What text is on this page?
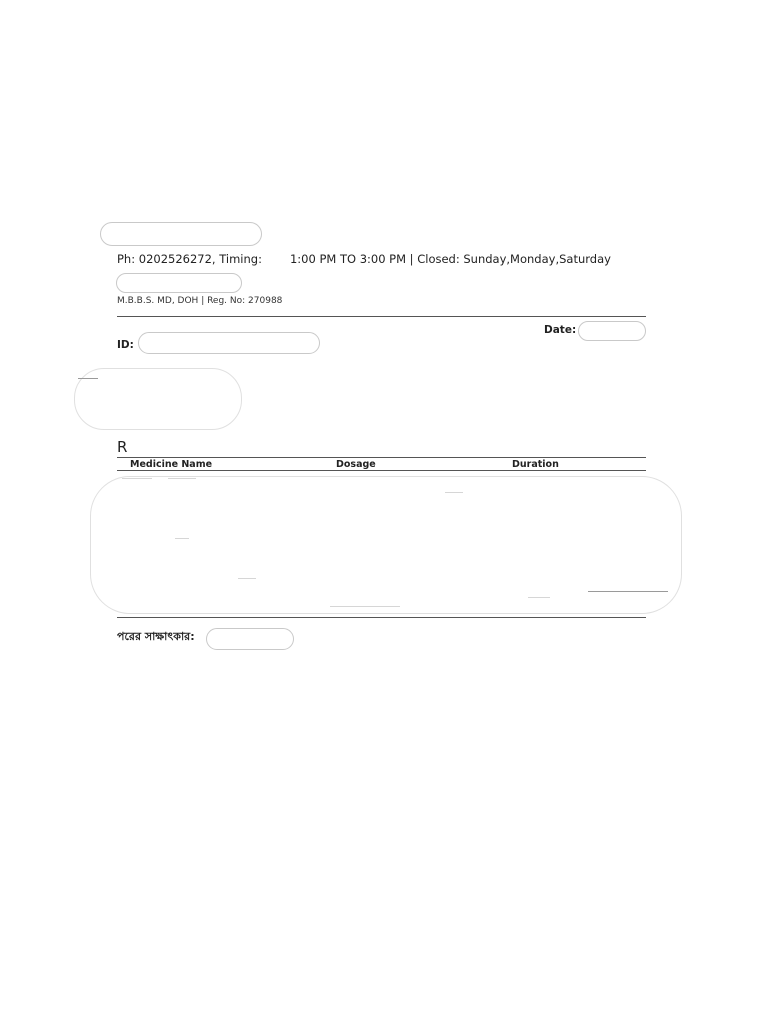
Ph: 0202526272, Timing: 1:00 PM TO 3:00 PM | Closed: Sunday,Monday,Saturday
M.B.B.S. MD, DOH | Reg. No: 270988
Date:
ID:
R
Medicine Name	Dosage	Duration
পরের সাক্ষাৎকার:
